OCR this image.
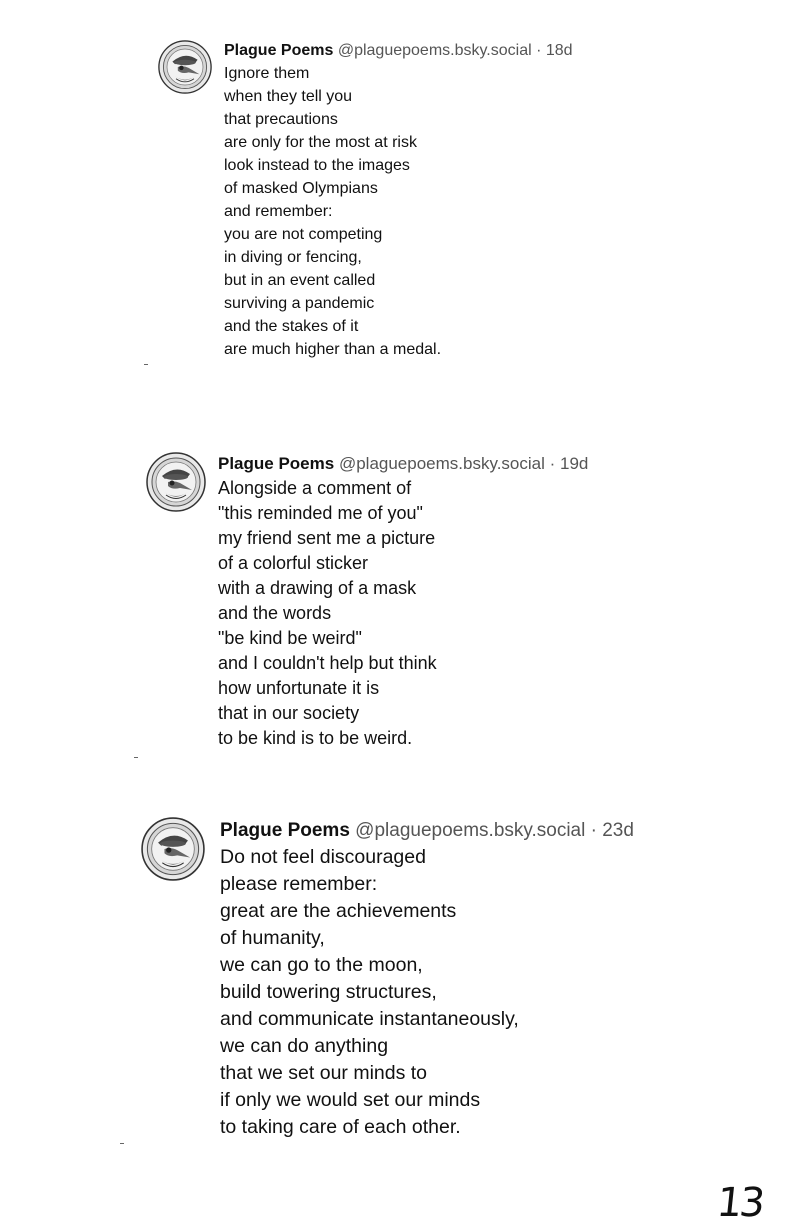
Plague Poems @plaguepoems.bsky.social · 18d
Ignore them
when they tell you
that precautions
are only for the most at risk
look instead to the images
of masked Olympians
and remember:
you are not competing
in diving or fencing,
but in an event called
surviving a pandemic
and the stakes of it
are much higher than a medal.
Plague Poems @plaguepoems.bsky.social · 19d
Alongside a comment of
"this reminded me of you"
my friend sent me a picture
of a colorful sticker
with a drawing of a mask
and the words
"be kind be weird"
and I couldn't help but think
how unfortunate it is
that in our society
to be kind is to be weird.
Plague Poems @plaguepoems.bsky.social · 23d
Do not feel discouraged
please remember:
great are the achievements
of humanity,
we can go to the moon,
build towering structures,
and communicate instantaneously,
we can do anything
that we set our minds to
if only we would set our minds
to taking care of each other.
13
